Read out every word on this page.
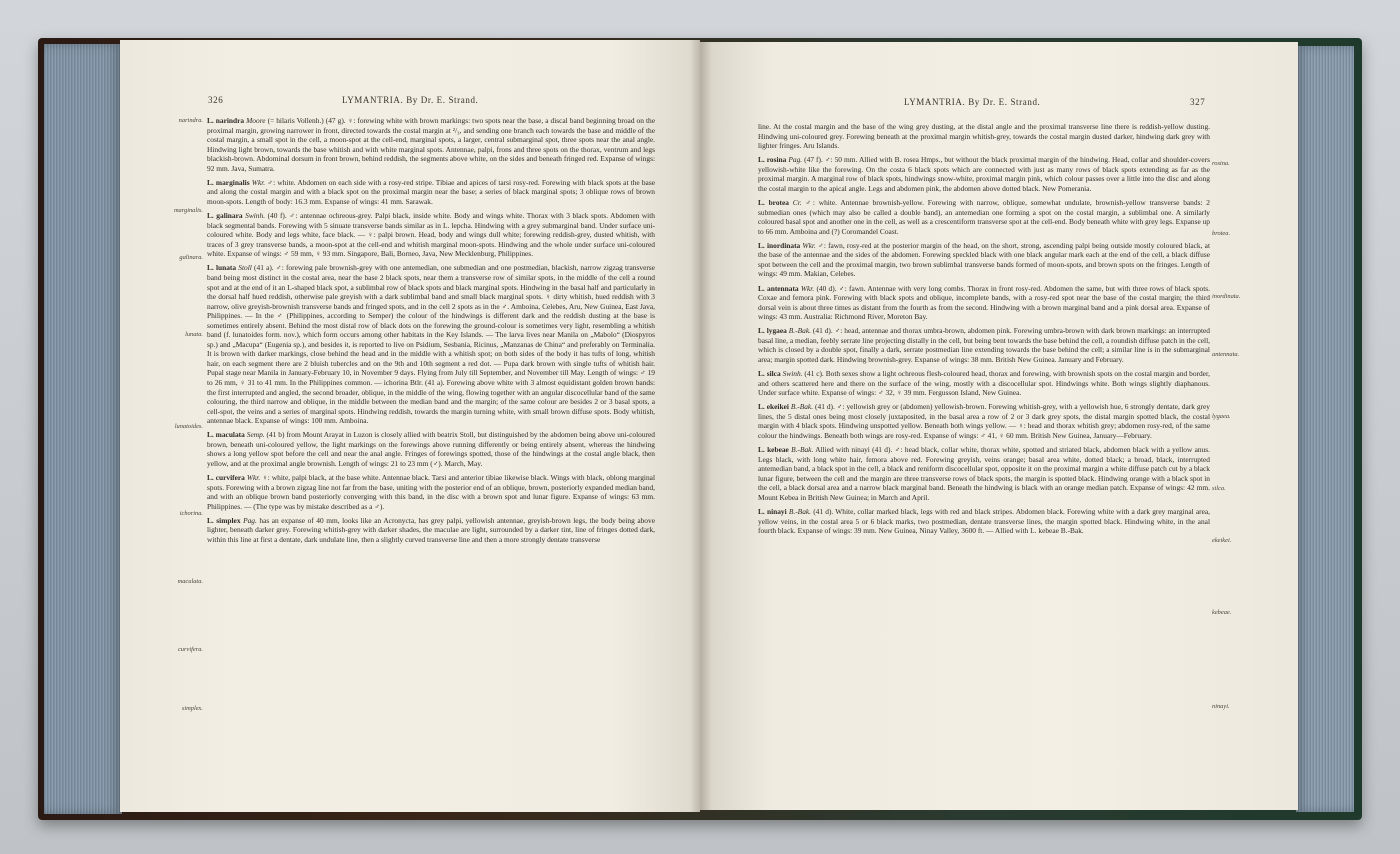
326	LYMANTRIA. By Dr. E. Strand.
narindra.
marginalis.
galinara.
lunata.
lunatoides.
ichorina.
maculata.
curvifera.
simplex.

L. narindra Moore (= hilaris Vollenh.) (47 g). ♀: forewing white with brown markings: two spots near the base, a discal band beginning broad on the proximal margin, growing narrower in front, directed towards the costal margin at ²/₃, and sending one branch each towards the base and middle of the costal margin, a small spot in the cell, a moon-spot at the cell-end, marginal spots, a larger, central submarginal spot, three spots near the anal angle. Hindwing light brown, towards the base whitish and with white marginal spots. Antennae, palpi, frons and three spots on the thorax, ventrum and legs blackish-brown. Abdominal dorsum in front brown, behind reddish, the segments above white, on the sides and beneath fringed red. Expanse of wings: 92 mm. Java, Sumatra.

L. marginalis Wkr. ♂: white. Abdomen on each side with a rosy-red stripe. Tibiae and apices of tarsi rosy-red. Forewing with black spots at the base and along the costal margin and with a black spot on the proximal margin near the base; a series of black marginal spots; 3 oblique rows of brown moon-spots. Length of body: 16.3 mm. Expanse of wings: 41 mm. Sarawak.

L. galinara Swinh. (40 f). ♂: antennae ochreous-grey. Palpi black, inside white. Body and wings white. Thorax with 3 black spots. Abdomen with black segmental bands. Forewing with 5 sinuate transverse bands similar as in L. lepcha. Hindwing with a grey submarginal band. Under surface uni-coloured white. Body and legs white, face black. — ♀: palpi brown. Head, body and wings dull white; forewing reddish-grey, dusted whitish, with traces of 3 grey transverse bands, a moon-spot at the cell-end and whitish marginal moon-spots. Hindwing and the whole under surface uni-coloured white. Expanse of wings: ♂ 59 mm, ♀ 93 mm. Singapore, Bali, Borneo, Java, New Mecklenburg, Philippines.

L. lunata Stoll (41 a). ♂: forewing pale brownish-grey with one antemedian, one submedian and one postmedian, blackish, narrow zigzag transverse band being most distinct in the costal area, near the base 2 black spots, near them a transverse row of similar spots, in the middle of the cell a round spot and at the end of it an L-shaped black spot, a sublimbal row of black spots and black marginal spots. Hindwing in the basal half and particularly in the dorsal half hued reddish, otherwise pale greyish with a dark sublimbal band and small black marginal spots. ♀ dirty whitish, hued reddish with 3 narrow, olive greyish-brownish transverse bands and fringed spots, and in the cell 2 spots as in the ♂. Amboina, Celebes, Aru, New Guinea, East Java, Philippines. — In the ♂ (Philippines, according to Semper) the colour of the hindwings is different dark and the reddish dusting at the base is sometimes entirely absent. Behind the most distal row of black dots on the forewing the ground-colour is sometimes very light, resembling a whitish band (f. lunatoides form. nov.), which form occurs among other habitats in the Key Islands. — The larva lives near Manila on „Mabolo“ (Diospyros sp.) and „Macupa“ (Eugenia sp.), and besides it, is reported to live on Psidium, Sesbania, Ricinus, „Manzanas de China“ and preferably on Terminalia. It is brown with darker markings, close behind the head and in the middle with a whitish spot; on both sides of the body it has tufts of long, whitish hair, on each segment there are 2 bluish tubercles and on the 9th and 10th segment a red dot. — Pupa dark brown with single tufts of whitish hair. Pupal stage near Manila in January-February 10, in November 9 days. Flying from July till September, and November till May. Length of wings: ♂ 19 to 26 mm, ♀ 31 to 41 mm. In the Philippines common. — ichorina Btlr. (41 a). Forewing above white with 3 almost equidistant golden brown bands: the first interrupted and angled, the second broader, oblique, in the middle of the wing, flowing together with an angular discocellular band of the same colouring, the third narrow and oblique, in the middle between the median band and the margin; of the same colour are besides 2 or 3 basal spots, a cell-spot, the veins and a series of marginal spots. Hindwing reddish, towards the margin turning white, with small brown diffuse spots. Body whitish, antennae black. Expanse of wings: 100 mm. Amboina.

L. maculata Semp. (41 b) from Mount Arayat in Luzon is closely allied with beatrix Stoll, but distinguished by the abdomen being above uni-coloured brown, beneath uni-coloured yellow, the light markings on the forewings above running differently or being entirely absent, whereas the hindwing shows a long yellow spot before the cell and near the anal angle. Fringes of forewings spotted, those of the hindwings at the costal angle black, then yellow, and at the proximal angle brownish. Length of wings: 21 to 23 mm (♂). March, May.

L. curvifera Wkr. ♀: white, palpi black, at the base white. Antennae black. Tarsi and anterior tibiae likewise black. Wings with black, oblong marginal spots. Forewing with a brown zigzag line not far from the base, uniting with the posterior end of an oblique, brown, posteriorly expanded median band, and with an oblique brown band posteriorly converging with this band, in the disc with a brown spot and lunar figure. Expanse of wings: 63 mm. Philippines. — (The type was by mistake described as a ♂).

L. simplex Pag. has an expanse of 40 mm, looks like an Acronycta, has grey palpi, yellowish antennae, greyish-brown legs, the body being above lighter, beneath darker grey. Forewing whitish-grey with darker shades, the maculae are light, surrounded by a darker tint, line of fringes dotted dark, within this line at first a dentate, dark undulate line, then a slightly curved transverse line and then a more strongly dentate transverse

LYMANTRIA. By Dr. E. Strand.	327
rosina.
brotea.
inordinata.
antennata.
lygaea.
silca.
ekeikei.
kebeae.
ninayi.

line. At the costal margin and the base of the wing grey dusting, at the distal angle and the proximal transverse line there is reddish-yellow dusting. Hindwing uni-coloured grey. Forewing beneath at the proximal margin whitish-grey, towards the costal margin dusted darker, hindwing dark grey with lighter fringes. Aru Islands.

L. rosina Pag. (47 f). ♂: 50 mm. Allied with B. rosea Hmps., but without the black proximal margin of the hindwing. Head, collar and shoulder-covers yellowish-white like the forewing. On the costa 6 black spots which are connected with just as many rows of black spots extending as far as the proximal margin. A marginal row of black spots, hindwings snow-white, proximal margin pink, which colour passes over a little into the disc and along the costal margin to the apical angle. Legs and abdomen pink, the abdomen above dotted black. New Pomerania.

L. brotea Cr. ♂: white. Antennae brownish-yellow. Forewing with narrow, oblique, somewhat undulate, brownish-yellow transverse bands: 2 submedian ones (which may also be called a double band), an antemedian one forming a spot on the costal margin, a sublimbal one. A similarly coloured basal spot and another one in the cell, as well as a crescentiform transverse spot at the cell-end. Body beneath white with grey legs. Expanse up to 66 mm. Amboina and (?) Coromandel Coast.

L. inordinata Wkr. ♂: fawn, rosy-red at the posterior margin of the head, on the short, strong, ascending palpi being outside mostly coloured black, at the base of the antennae and the sides of the abdomen. Forewing speckled black with one black angular mark each at the end of the cell, a black diffuse spot between the cell and the proximal margin, two brown sublimbal transverse bands formed of moon-spots, and brown spots on the fringes. Length of wings: 49 mm. Makian, Celebes.

L. antennata Wkr. (40 d). ♂: fawn. Antennae with very long combs. Thorax in front rosy-red. Abdomen the same, but with three rows of black spots. Coxae and femora pink. Forewing with black spots and oblique, incomplete bands, with a rosy-red spot near the base of the costal margin; the third dorsal vein is about three times as distant from the fourth as from the second. Hindwing with a brown marginal band and a pink dorsal area. Expanse of wings: 43 mm. Australia: Richmond River, Moreton Bay.

L. lygaea B.-Bak. (41 d). ♂: head, antennae and thorax umbra-brown, abdomen pink. Forewing umbra-brown with dark brown markings: an interrupted basal line, a median, feebly serrate line projecting distally in the cell, but being bent towards the base behind the cell, a roundish diffuse patch in the cell, which is closed by a double spot, finally a dark, serrate postmedian line extending towards the base behind the cell; a similar line is in the submarginal area; margin spotted dark. Hindwing brownish-grey. Expanse of wings: 38 mm. British New Guinea. January and February.

L. silca Swinh. (41 c). Both sexes show a light ochreous flesh-coloured head, thorax and forewing, with brownish spots on the costal margin and border, and others scattered here and there on the surface of the wing, mostly with a discocellular spot. Hindwings white. Both wings slightly diaphanous. Under surface white. Expanse of wings: ♂ 32, ♀ 39 mm. Fergusson Island, New Guinea.

L. ekeikei B.-Bak. (41 d). ♂: yellowish grey or (abdomen) yellowish-brown. Forewing whitish-grey, with a yellowish hue, 6 strongly dentate, dark grey lines, the 5 distal ones being most closely juxtaposited, in the basal area a row of 2 or 3 dark grey spots, the distal margin spotted black, the costal margin with 4 black spots. Hindwing unspotted yellow. Beneath both wings yellow. — ♀: head and thorax whitish grey; abdomen rosy-red, of the same colour the hindwings. Beneath both wings are rosy-red. Expanse of wings: ♂ 41, ♀ 60 mm. British New Guinea, January—February.

L. kebeae B.-Bak. Allied with ninayi (41 d). ♂: head black, collar white, thorax white, spotted and striated black, abdomen black with a yellow anus. Legs black, with long white hair, femora above red. Forewing greyish, veins orange; basal area white, dotted black; a broad, black, interrupted antemedian band, a black spot in the cell, a black and reniform discocellular spot, opposite it on the proximal margin a white diffuse patch cut by a black lunar figure, between the cell and the margin are three transverse rows of black spots, the margin is spotted black. Hindwing orange with a black spot in the cell, a black dorsal area and a narrow black marginal band. Beneath the hindwing is black with an orange median patch. Expanse of wings: 42 mm. Mount Kebea in British New Guinea; in March and April.

L. ninayi B.-Bak. (41 d). White, collar marked black, legs with red and black stripes. Abdomen black. Forewing white with a dark grey marginal area, yellow veins, in the costal area 5 or 6 black marks, two postmedian, dentate transverse lines, the margin spotted black. Hindwing white, in the anal fourth black. Expanse of wings: 39 mm. New Guinea, Ninay Valley, 3600 ft. — Allied with L. kebeae B.-Bak.
